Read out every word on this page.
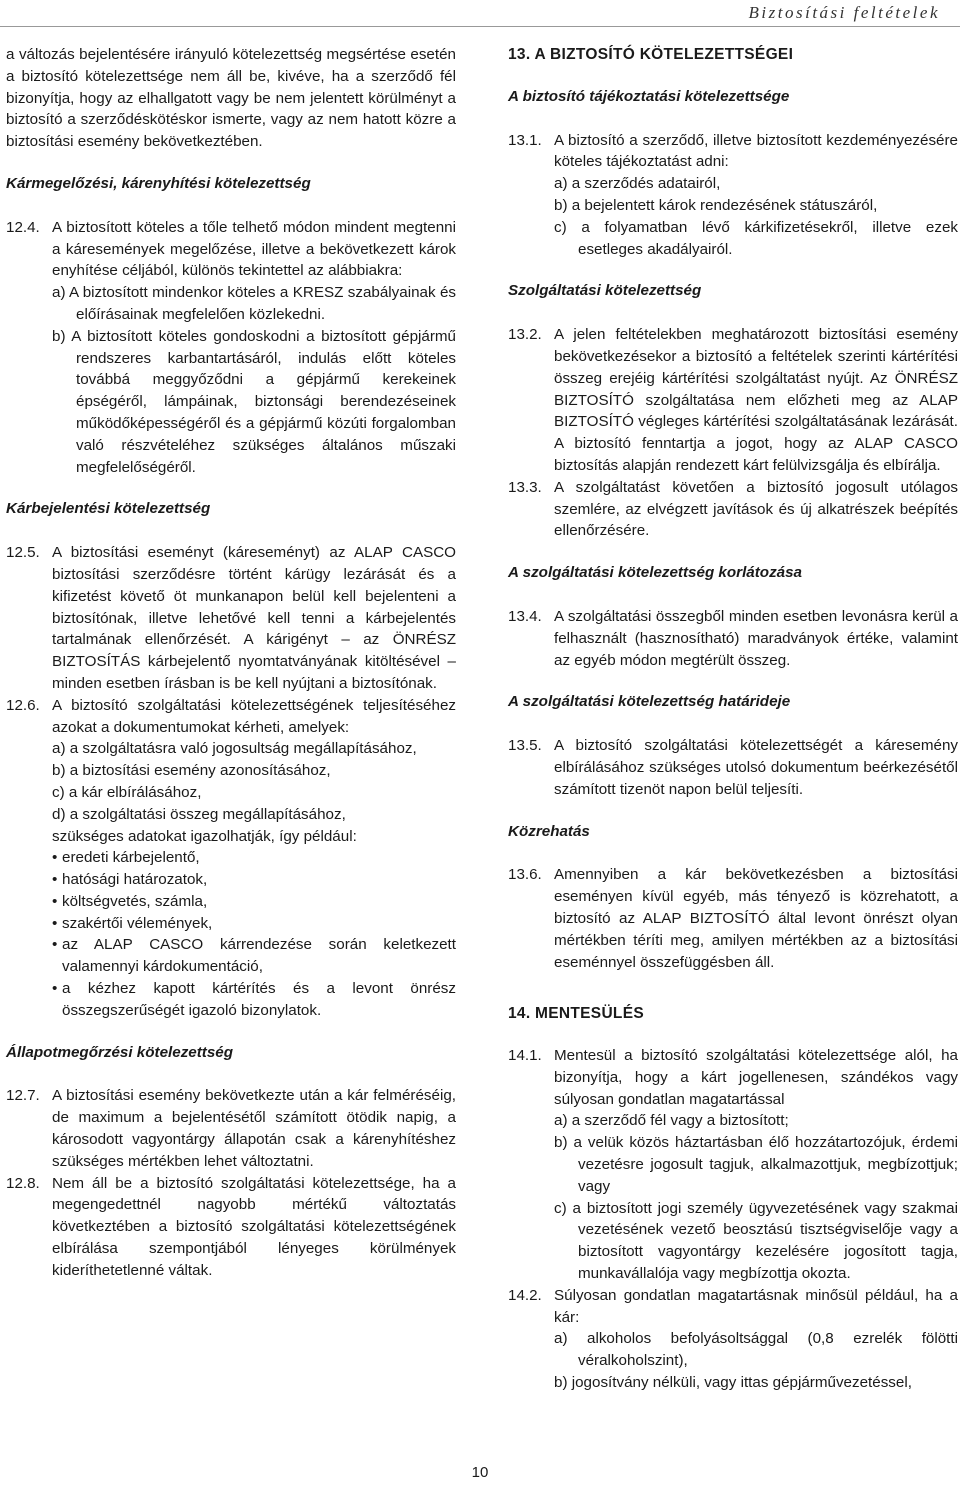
Biztosítási feltételek

a változás bejelentésére irányuló kötelezettség megsértése esetén a biztosító kötelezettsége nem áll be, kivéve, ha a szerződő fél bizonyítja, hogy az elhallgatott vagy be nem jelentett körülményt a biztosító a szerződéskötéskor ismerte, vagy az nem hatott közre a biztosítási esemény bekövetkeztében.

Kármegelőzési, kárenyhítési kötelezettség

12.4. A biztosított köteles a tőle telhető módon mindent megtenni a káresemények megelőzése, illetve a bekövetkezett károk enyhítése céljából, különös tekintettel az alábbiakra:

a) A biztosított mindenkor köteles a KRESZ szabályainak és előírásainak megfelelően közlekedni.

b) A biztosított köteles gondoskodni a biztosított gépjármű rendszeres karbantartásáról, indulás előtt köteles továbbá meggyőződni a gépjármű kerekeinek épségéről, lámpáinak, biztonsági berendezéseinek működőképességéről és a gépjármű közúti forgalomban való részvételéhez szükséges általános műszaki megfelelőségéről.

Kárbejelentési kötelezettség

12.5. A biztosítási eseményt (káreseményt) az ALAP CASCO biztosítási szerződésre történt kárügy lezárását és a kifizetést követő öt munkanapon belül kell bejelenteni a biztosítónak, illetve lehetővé kell tenni a kárbejelentés tartalmának ellenőrzését. A kárigényt – az ÖNRÉSZ BIZTOSÍTÁS kárbejelentő nyomtatványának kitöltésével – minden esetben írásban is be kell nyújtani a biztosítónak.
12.6. A biztosító szolgáltatási kötelezettségének teljesítéséhez azokat a dokumentumokat kérheti, amelyek:

a) a szolgáltatásra való jogosultság megállapításához,

b) a biztosítási esemény azonosításához,

c) a kár elbírálásához,

d) a szolgáltatási összeg megállapításához,

szükséges adatokat igazolhatják, így például:

• eredeti kárbejelentő,
• hatósági határozatok,
• költségvetés, számla,
• szakértői vélemények,
• az ALAP CASCO kárrendezése során keletkezett valamennyi kárdokumentáció,
• a kézhez kapott kártérítés és a levont önrész összegszerűségét igazoló bizonylatok.

Állapotmegőrzési kötelezettség

12.7. A biztosítási esemény bekövetkezte után a kár felméréséig, de maximum a bejelentésétől számított ötödik napig, a károsodott vagyontárgy állapotán csak a kárenyhítéshez szükséges mértékben lehet változtatni.
12.8. Nem áll be a biztosító szolgáltatási kötelezettsége, ha a megengedettnél nagyobb mértékű változtatás következtében a biztosító szolgáltatási kötelezettségének elbírálása szempontjából lényeges körülmények kideríthetetlenné váltak.

13. A BIZTOSÍTÓ KÖTELEZETTSÉGEI

A biztosító tájékoztatási kötelezettsége

13.1. A biztosító a szerződő, illetve biztosított kezdeményezésére köteles tájékoztatást adni:

a) a szerződés adatairól,

b) a bejelentett károk rendezésének státuszáról,

c) a folyamatban lévő kárkifizetésekről, illetve ezek esetleges akadályairól.

Szolgáltatási kötelezettség

13.2. A jelen feltételekben meghatározott biztosítási esemény bekövetkezésekor a biztosító a feltételek szerinti kártérítési összeg erejéig kártérítési szolgáltatást nyújt. Az ÖNRÉSZ BIZTOSÍTÓ szolgáltatása nem előzheti meg az ALAP BIZTOSÍTÓ végleges kártérítési szolgáltatásának lezárását. A biztosító fenntartja a jogot, hogy az ALAP CASCO biztosítás alapján rendezett kárt felülvizsgálja és elbírálja.
13.3. A szolgáltatást követően a biztosító jogosult utólagos szemlére, az elvégzett javítások és új alkatrészek beépítés ellenőrzésére.

A szolgáltatási kötelezettség korlátozása

13.4. A szolgáltatási összegből minden esetben levonásra kerül a felhasznált (hasznosítható) maradványok értéke, valamint az egyéb módon megtérült összeg.

A szolgáltatási kötelezettség határideje

13.5. A biztosító szolgáltatási kötelezettségét a káresemény elbírálásához szükséges utolsó dokumentum beérkezésétől számított tizenöt napon belül teljesíti.

Közrehatás

13.6. Amennyiben a kár bekövetkezésben a biztosítási eseményen kívül egyéb, más tényező is közrehatott, a biztosító az ALAP BIZTOSÍTÓ által levont önrészt olyan mértékben téríti meg, amilyen mértékben az a biztosítási eseménnyel összefüggésben áll.

14. MENTESÜLÉS

14.1. Mentesül a biztosító szolgáltatási kötelezettsége alól, ha bizonyítja, hogy a kárt jogellenesen, szándékos vagy súlyosan gondatlan magatartással

a) a szerződő fél vagy a biztosított;

b) a velük közös háztartásban élő hozzátartozójuk, érdemi vezetésre jogosult tagjuk, alkalmazottjuk, megbízottjuk; vagy

c) a biztosított jogi személy ügyvezetésének vagy szakmai vezetésének vezető beosztású tisztségviselője vagy a biztosított vagyontárgy kezelésére jogosított tagja, munkavállalója vagy megbízottja okozta.

14.2. Súlyosan gondatlan magatartásnak minősül például, ha a kár:

a) alkoholos befolyásoltsággal (0,8 ezrelék fölötti véralkoholszint),

b) jogosítvány nélküli, vagy ittas gépjárművezetéssel,

10
